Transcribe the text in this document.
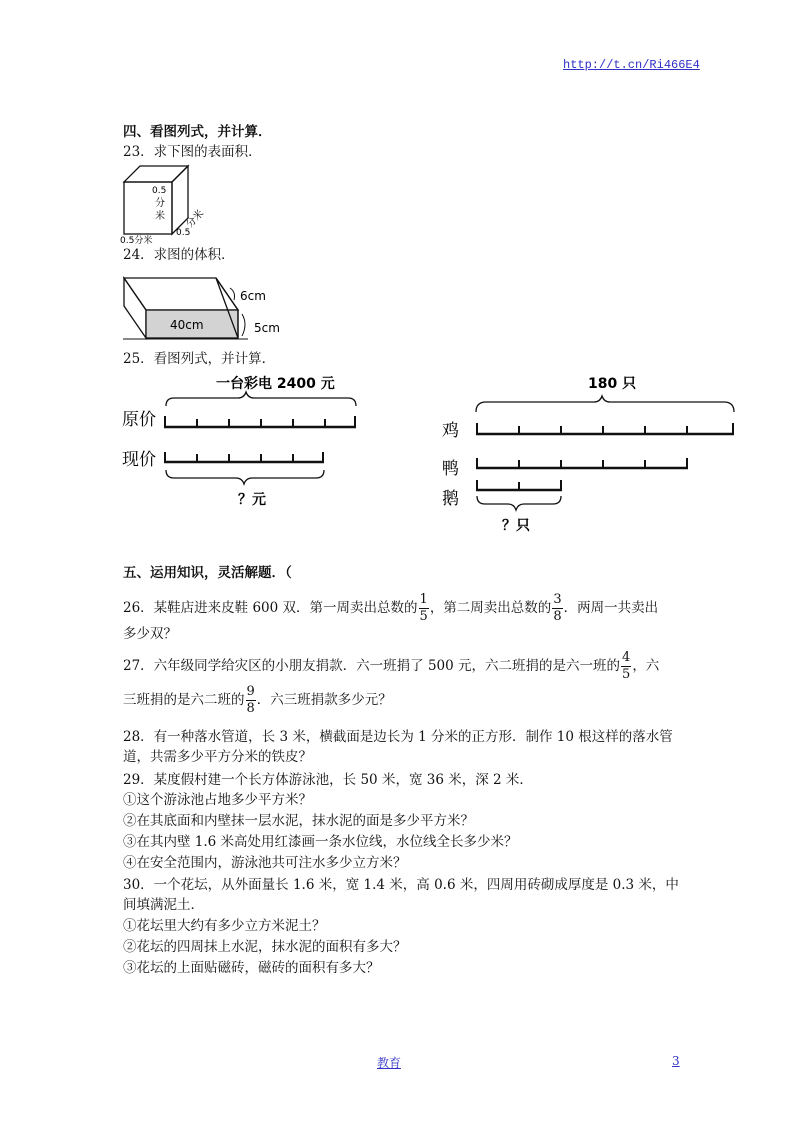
http://t.cn/Ri466E4
四、看图列式，并计算．
23．求下图的表面积．
0.5
分
米 分米
0.5
0.5分米
24．求图的体积．
40cm
6cm
5cm
25．看图列式，并计算．
一台彩电 2400 元
原价
现价
？元
180 只
鸡
鸭
鹅
？只
五、运用知识，灵活解题．（
26．某鞋店进来皮鞋 600 双．第一周卖出总数的 $\frac{1}{5}$ ，第二周卖出总数的 $\frac{3}{8}$ ．两周一共卖出
多少双？
27．六年级同学给灾区的小朋友捐款．六一班捐了 500 元，六二班捐的是六一班的 $\frac{4}{5}$ ，六
三班捐的是六二班的 $\frac{9}{8}$ ．六三班捐款多少元？
28．有一种落水管道，长 3 米，横截面是边长为 1 分米的正方形．制作 10 根这样的落水管
道，共需多少平方分米的铁皮？
29．某度假村建一个长方体游泳池，长 50 米，宽 36 米，深 2 米．
①这个游泳池占地多少平方米？
②在其底面和内壁抹一层水泥，抹水泥的面是多少平方米？
③在其内壁 1.6 米高处用红漆画一条水位线，水位线全长多少米？
④在安全范围内，游泳池共可注水多少立方米？
30．一个花坛，从外面量长 1.6 米，宽 1.4 米，高 0.6 米，四周用砖砌成厚度是 0.3 米，中
间填满泥土．
①花坛里大约有多少立方米泥土？
②花坛的四周抹上水泥，抹水泥的面积有多大？
③花坛的上面贴磁砖，磁砖的面积有多大？
教育	3
